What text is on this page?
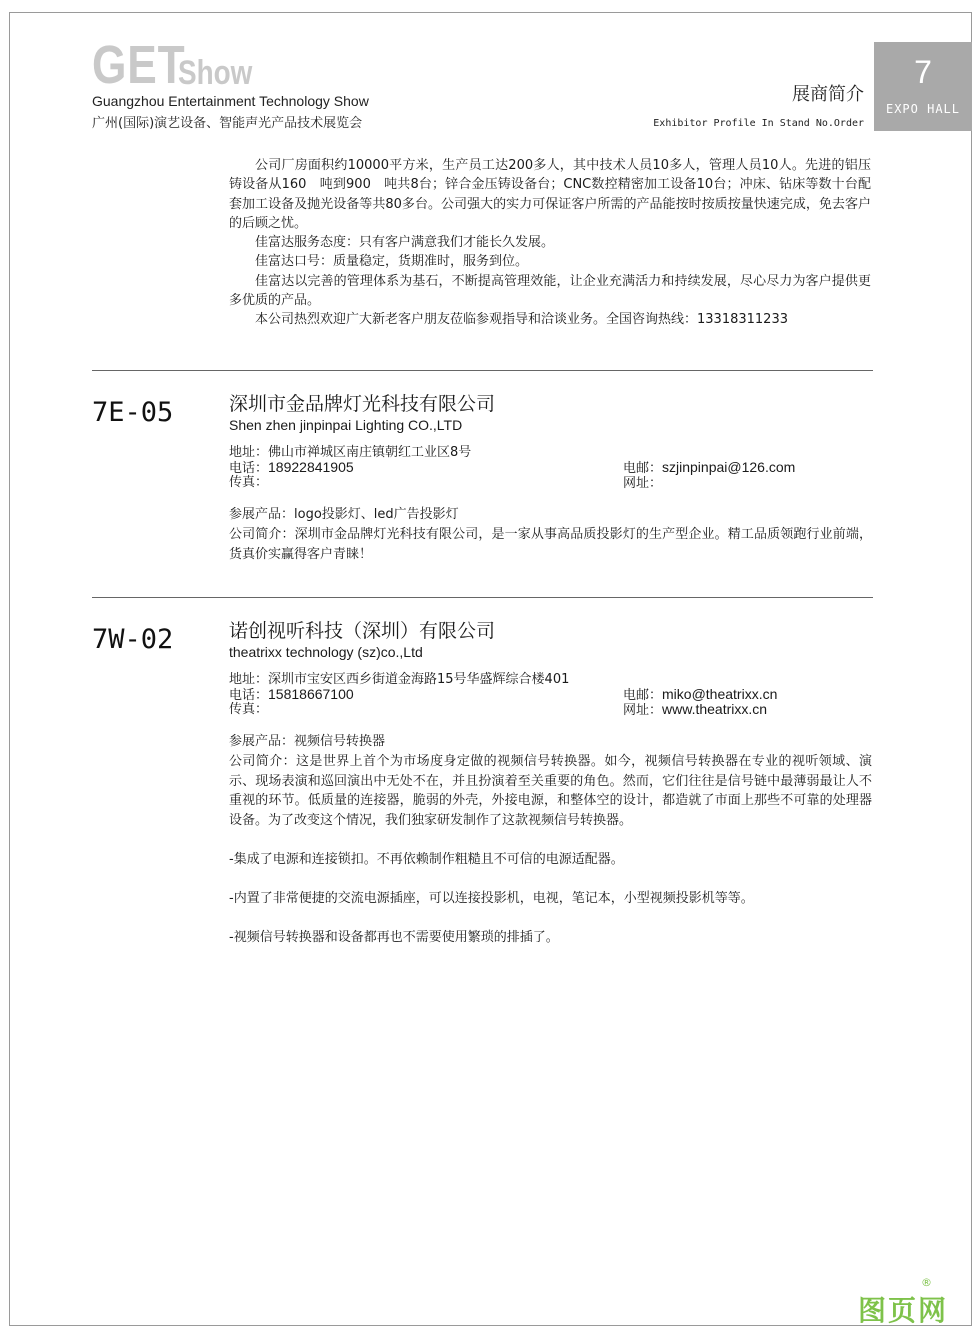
GET
Show
Guangzhou Entertainment Technology Show
广州(国际)演艺设备、智能声光产品技术展览会
展商简介
Exhibitor Profile In Stand No.Order
7
EXPO HALL

公司厂房面积约10000平方米，生产员工达200多人，其中技术人员10多人，管理人员10人。先进的铝压铸设备从160　吨到900　吨共8台；锌合金压铸设备台；CNC数控精密加工设备10台；冲床、钻床等数十台配套加工设备及抛光设备等共80多台。公司强大的实力可保证客户所需的产品能按时按质按量快速完成，免去客户的后顾之忧。

佳富达服务态度：只有客户满意我们才能长久发展。

佳富达口号：质量稳定，货期准时，服务到位。

佳富达以完善的管理体系为基石，不断提高管理效能，让企业充满活力和持续发展，尽心尽力为客户提供更多优质的产品。

本公司热烈欢迎广大新老客户朋友莅临参观指导和洽谈业务。全国咨询热线：13318311233

7E-05	深圳市金品牌灯光科技有限公司
Shen zhen jinpinpai Lighting CO.,LTD
地址：佛山市禅城区南庄镇朝红工业区8号
电话：18922841905
传真：
电邮：szjinpinpai@126.com
网址：
参展产品：logo投影灯、led广告投影灯
公司简介：深圳市金品牌灯光科技有限公司，是一家从事高品质投影灯的生产型企业。精工品质领跑行业前端，货真价实赢得客户青睐！
7W-02	诺创视听科技（深圳）有限公司
theatrixx technology (sz)co.,Ltd
地址：深圳市宝安区西乡街道金海路15号华盛辉综合楼401
电话：15818667100
传真：
电邮：miko@theatrixx.cn
网址：www.theatrixx.cn
参展产品：视频信号转换器
公司简介：这是世界上首个为市场度身定做的视频信号转换器。如今，视频信号转换器在专业的视听领域、演示、现场表演和巡回演出中无处不在，并且扮演着至关重要的角色。然而，它们往往是信号链中最薄弱最让人不重视的环节。低质量的连接器，脆弱的外壳，外接电源，和整体空的设计，都造就了市面上那些不可靠的处理器设备。为了改变这个情况，我们独家研发制作了这款视频信号转换器。
-集成了电源和连接锁扣。不再依赖制作粗糙且不可信的电源适配器。
-内置了非常便捷的交流电源插座，可以连接投影机，电视，笔记本，小型视频投影机等等。
-视频信号转换器和设备都再也不需要使用繁琐的排插了。
图页网
®
